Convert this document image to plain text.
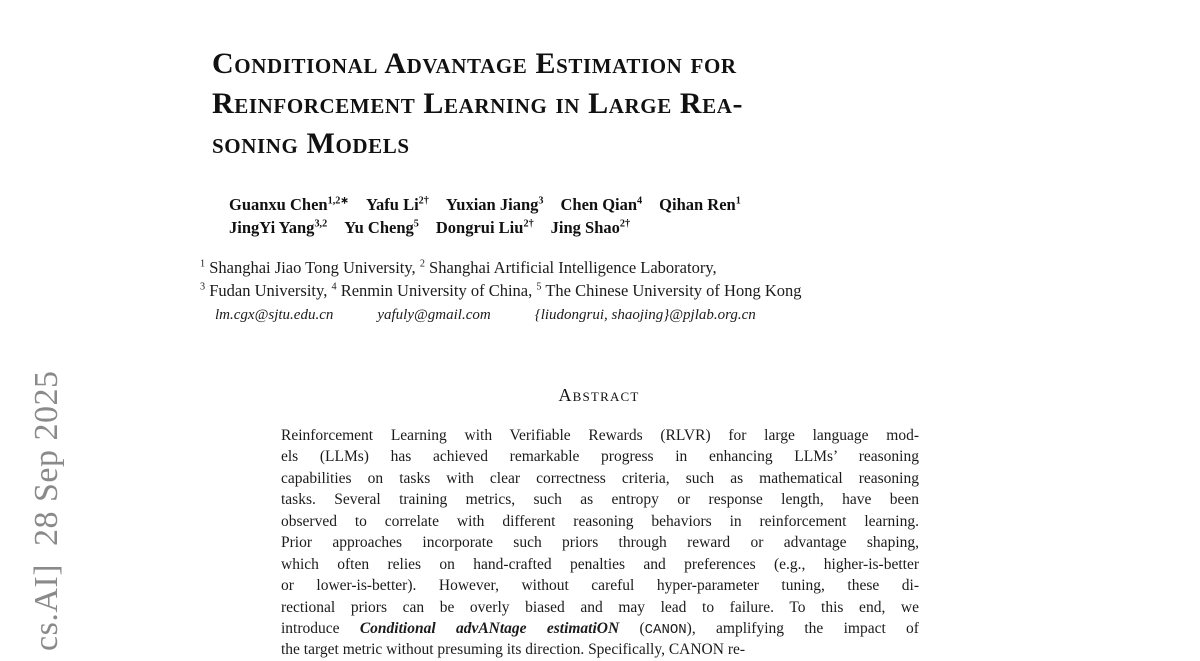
cs.AI]  28 Sep 2025
Conditional Advantage Estimation for
Reinforcement Learning in Large Rea-
soning Models
Guanxu Chen$^{1,2∗}$ Yafu $Li^{2\dagger}$ Yuxian Jiang$^3$ Chen Qian$^4$ Qihan Ren$^1$
JingYi Yang$^{3,2}$ Yu Cheng$^5$ Dongrui Liu$^{2\dagger}$ Jing Shao$^{2\dagger}$
$^1$ Shanghai Jiao Tong University, $^2$ Shanghai Artificial Intelligence Laboratory,
$^3$ Fudan University, $^4$ Renmin University of China, $^5$ The Chinese University of Hong Kong
lm.cgx@sjtu.edu.cn	yafuly@gmail.com	{liudongrui, shaojing}@pjlab.org.cn
Abstract
Reinforcement Learning with Verifiable Rewards (RLVR) for large language mod-
els (LLMs) has achieved remarkable progress in enhancing LLMs’ reasoning
capabilities on tasks with clear correctness criteria, such as mathematical reasoning
tasks. Several training metrics, such as entropy or response length, have been
observed to correlate with different reasoning behaviors in reinforcement learning.
Prior approaches incorporate such priors through reward or advantage shaping,
which often relies on hand-crafted penalties and preferences (e.g., higher-is-better
or lower-is-better). However, without careful hyper-parameter tuning, these di-
rectional priors can be overly biased and may lead to failure. To this end, we
introduce Conditional advANtage estimatiON (CANON), amplifying the impact of
the target metric without presuming its direction. Specifically, CANON re-
